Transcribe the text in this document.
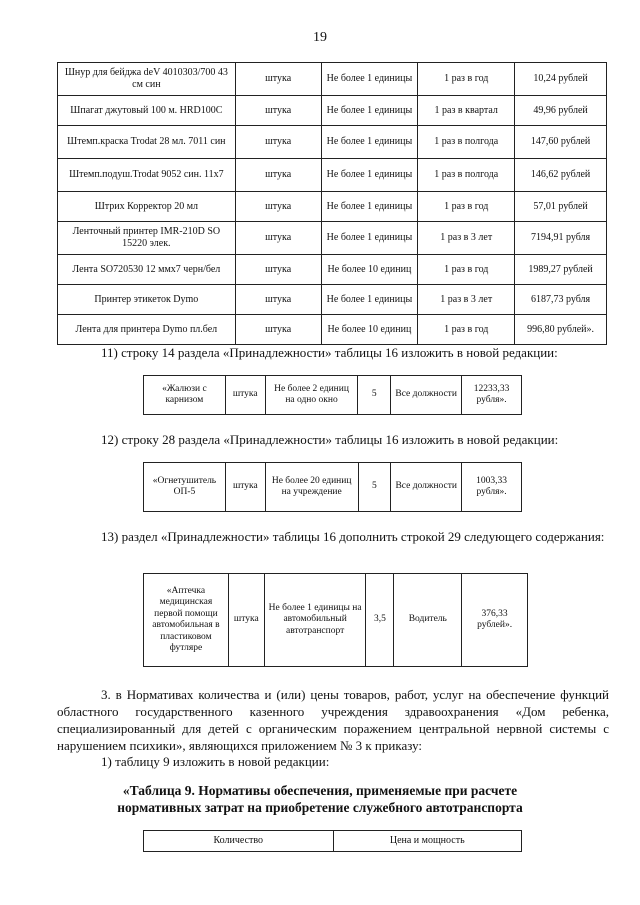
19
Шнур для бейджа deV 4010303/700 43 см син	штука	Не более 1 единицы	1 раз в год	10,24 рублей
Шпагат джутовый 100 м. HRD100C	штука	Не более 1 единицы	1 раз в квартал	49,96 рублей
Штемп.краска Trodat 28 мл. 7011 син	штука	Не более 1 единицы	1 раз в полгода	147,60 рублей
Штемп.подуш.Trodat 9052 син. 11х7	штука	Не более 1 единицы	1 раз в полгода	146,62 рублей
Штрих Корректор 20 мл	штука	Не более 1 единицы	1 раз в год	57,01 рублей
Ленточный принтер IMR-210D SO 15220 элек.	штука	Не более 1 единицы	1 раз в 3 лет	7194,91 рубля
Лента SO720530 12 ммх7 черн/бел	штука	Не более 10 единиц	1 раз в год	1989,27 рублей
Принтер этикеток Dymo	штука	Не более 1 единицы	1 раз в 3 лет	6187,73 рубля
Лента для принтера Dymo пл.бел	штука	Не более 10 единиц	1 раз в год	996,80 рублей».
11) строку 14 раздела «Принадлежности» таблицы 16 изложить в новой редакции:
«Жалюзи с карнизом	штука	Не более 2 единиц на одно окно	5	Все должности	12233,33 рубля».
12) строку 28 раздела «Принадлежности» таблицы 16 изложить в новой редакции:
«Огнетушитель ОП-5	штука	Не более 20 единиц на учреждение	5	Все должности	1003,33 рубля».
13) раздел «Принадлежности» таблицы 16 дополнить строкой 29 следующего содержания:
«Аптечка медицинская первой помощи автомобильная в пластиковом футляре	штука	Не более 1 единицы на автомобильный автотранспорт	3,5	Водитель	376,33 рублей».
3. в Нормативах количества и (или) цены товаров, работ, услуг на обеспечение функций областного государственного казенного учреждения здравоохранения «Дом ребенка, специализированный для детей с органическим поражением центральной нервной системы с нарушением психики», являющихся приложением № 3 к приказу:
1) таблицу 9 изложить в новой редакции:
«Таблица 9. Нормативы обеспечения, применяемые при расчете нормативных затрат на приобретение служебного автотранспорта
Количество	Цена и мощность
